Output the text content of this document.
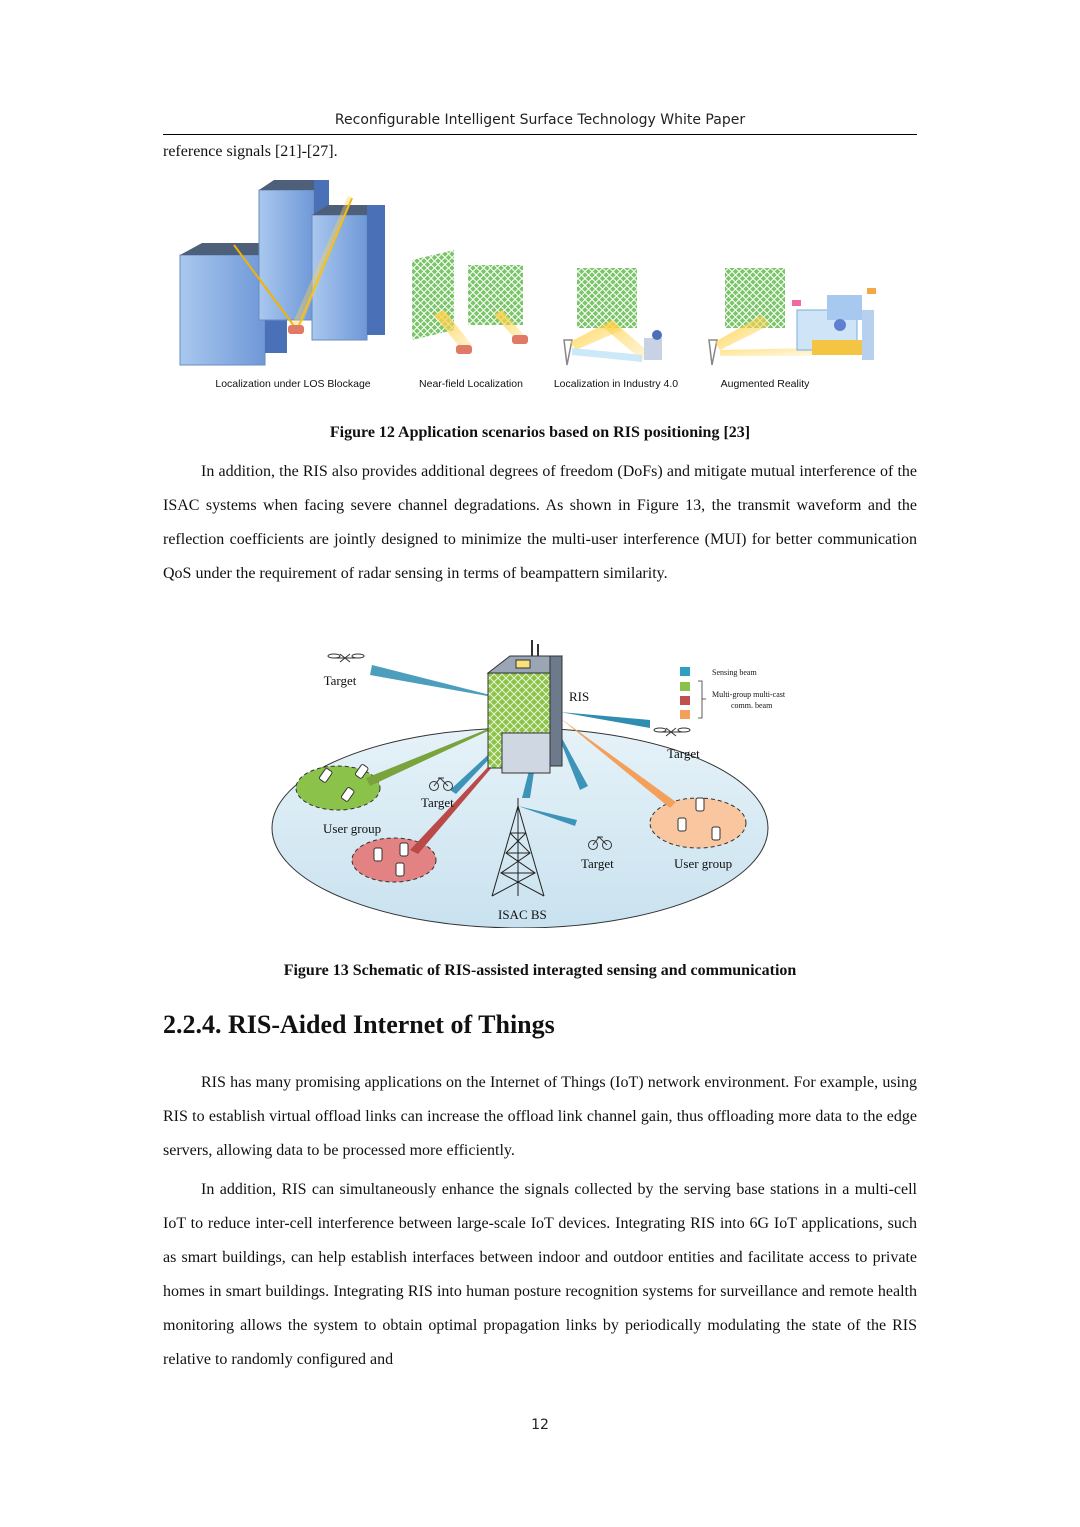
Reconfigurable Intelligent Surface Technology White Paper
reference signals [21]-[27].
Localization under LOS Blockage	Near-field Localization	Localization in Industry 4.0	Augmented Reality
Figure 12 Application scenarios based on RIS positioning [23]

In addition, the RIS also provides additional degrees of freedom (DoFs) and mitigate mutual interference of the ISAC systems when facing severe channel degradations. As shown in Figure 13, the transmit waveform and the reflection coefficients are jointly designed to minimize the multi-user interference (MUI) for better communication QoS under the requirement of radar sensing in terms of beampattern similarity.

Target
RIS
Target
Target
User group
Target	User group
ISAC BS
Sensing beam
Multi-group multi-cast
comm. beam
Figure 13 Schematic of RIS-assisted interagted sensing and communication
2.2.4. RIS-Aided Internet of Things

RIS has many promising applications on the Internet of Things (IoT) network environment. For example, using RIS to establish virtual offload links can increase the offload link channel gain, thus offloading more data to the edge servers, allowing data to be processed more efficiently.

In addition, RIS can simultaneously enhance the signals collected by the serving base stations in a multi-cell IoT to reduce inter-cell interference between large-scale IoT devices. Integrating RIS into 6G IoT applications, such as smart buildings, can help establish interfaces between indoor and outdoor entities and facilitate access to private homes in smart buildings. Integrating RIS into human posture recognition systems for surveillance and remote health monitoring allows the system to obtain optimal propagation links by periodically modulating the state of the RIS relative to randomly configured and

12
